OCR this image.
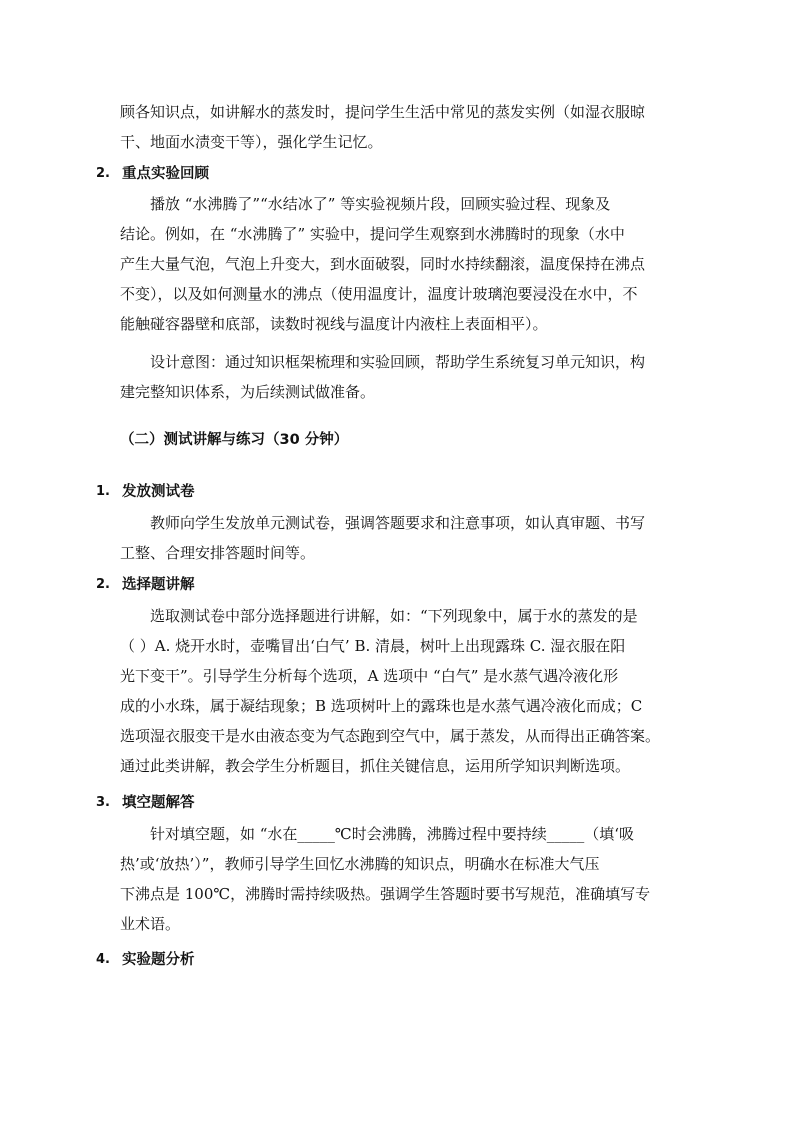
顾各知识点，如讲解水的蒸发时，提问学生生活中常见的蒸发实例（如湿衣服晾
干、地面水渍变干等），强化学生记忆。
2. 重点实验回顾
播放 “水沸腾了”“水结冰了” 等实验视频片段，回顾实验过程、现象及
结论。例如，在 “水沸腾了” 实验中，提问学生观察到水沸腾时的现象（水中
产生大量气泡，气泡上升变大，到水面破裂，同时水持续翻滚，温度保持在沸点
不变），以及如何测量水的沸点（使用温度计，温度计玻璃泡要浸没在水中，不
能触碰容器壁和底部，读数时视线与温度计内液柱上表面相平）。
设计意图：通过知识框架梳理和实验回顾，帮助学生系统复习单元知识，构
建完整知识体系，为后续测试做准备。
（二）测试讲解与练习（30 分钟）
1. 发放测试卷
教师向学生发放单元测试卷，强调答题要求和注意事项，如认真审题、书写
工整、合理安排答题时间等。
2. 选择题讲解
选取测试卷中部分选择题进行讲解，如：“下列现象中，属于水的蒸发的是
（ ）A. 烧开水时，壶嘴冒出‘白气’ B. 清晨，树叶上出现露珠 C. 湿衣服在阳
光下变干”。引导学生分析每个选项，A 选项中 “白气” 是水蒸气遇冷液化形
成的小水珠，属于凝结现象；B 选项树叶上的露珠也是水蒸气遇冷液化而成；C
选项湿衣服变干是水由液态变为气态跑到空气中，属于蒸发，从而得出正确答案。
通过此类讲解，教会学生分析题目，抓住关键信息，运用所学知识判断选项。
3. 填空题解答
针对填空题，如 “水在_____℃时会沸腾，沸腾过程中要持续_____（填‘吸
热’或‘放热’）”，教师引导学生回忆水沸腾的知识点，明确水在标准大气压
下沸点是 100℃，沸腾时需持续吸热。强调学生答题时要书写规范，准确填写专
业术语。
4. 实验题分析
